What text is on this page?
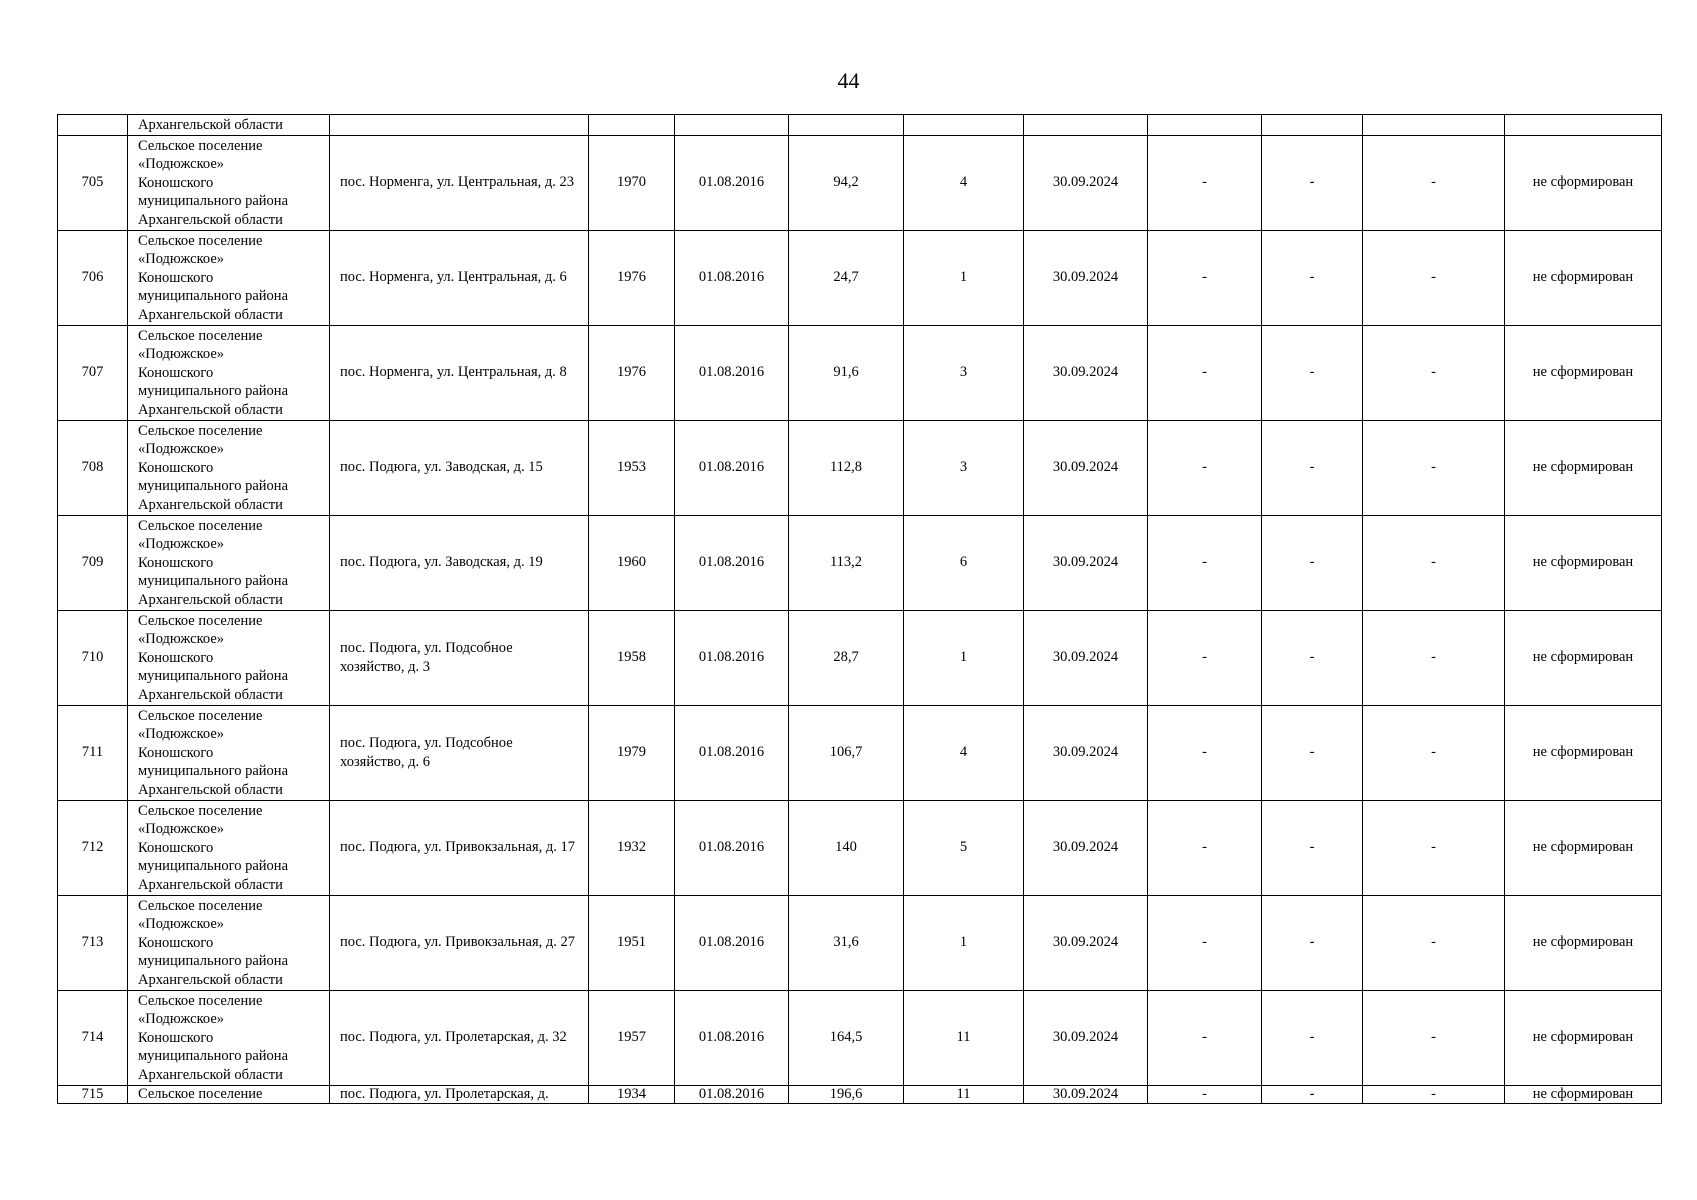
44
	Архангельской области										
705	Сельское поселение
«Подюжское»
Коношского
муниципального района
Архангельской области	пос. Норменга, ул. Центральная, д. 23	1970	01.08.2016	94,2	4	30.09.2024	-	-	-	не сформирован
706	Сельское поселение
«Подюжское»
Коношского
муниципального района
Архангельской области	пос. Норменга, ул. Центральная, д. 6	1976	01.08.2016	24,7	1	30.09.2024	-	-	-	не сформирован
707	Сельское поселение
«Подюжское»
Коношского
муниципального района
Архангельской области	пос. Норменга, ул. Центральная, д. 8	1976	01.08.2016	91,6	3	30.09.2024	-	-	-	не сформирован
708	Сельское поселение
«Подюжское»
Коношского
муниципального района
Архангельской области	пос. Подюга, ул. Заводская, д. 15	1953	01.08.2016	112,8	3	30.09.2024	-	-	-	не сформирован
709	Сельское поселение
«Подюжское»
Коношского
муниципального района
Архангельской области	пос. Подюга, ул. Заводская, д. 19	1960	01.08.2016	113,2	6	30.09.2024	-	-	-	не сформирован
710	Сельское поселение
«Подюжское»
Коношского
муниципального района
Архангельской области	пос. Подюга, ул. Подсобное хозяйство, д. 3	1958	01.08.2016	28,7	1	30.09.2024	-	-	-	не сформирован
711	Сельское поселение
«Подюжское»
Коношского
муниципального района
Архангельской области	пос. Подюга, ул. Подсобное хозяйство, д. 6	1979	01.08.2016	106,7	4	30.09.2024	-	-	-	не сформирован
712	Сельское поселение
«Подюжское»
Коношского
муниципального района
Архангельской области	пос. Подюга, ул. Привокзальная, д. 17	1932	01.08.2016	140	5	30.09.2024	-	-	-	не сформирован
713	Сельское поселение
«Подюжское»
Коношского
муниципального района
Архангельской области	пос. Подюга, ул. Привокзальная, д. 27	1951	01.08.2016	31,6	1	30.09.2024	-	-	-	не сформирован
714	Сельское поселение
«Подюжское»
Коношского
муниципального района
Архангельской области	пос. Подюга, ул. Пролетарская, д. 32	1957	01.08.2016	164,5	11	30.09.2024	-	-	-	не сформирован
715	Сельское поселение	пос. Подюга, ул. Пролетарская, д.	1934	01.08.2016	196,6	11	30.09.2024	-	-	-	не сформирован
